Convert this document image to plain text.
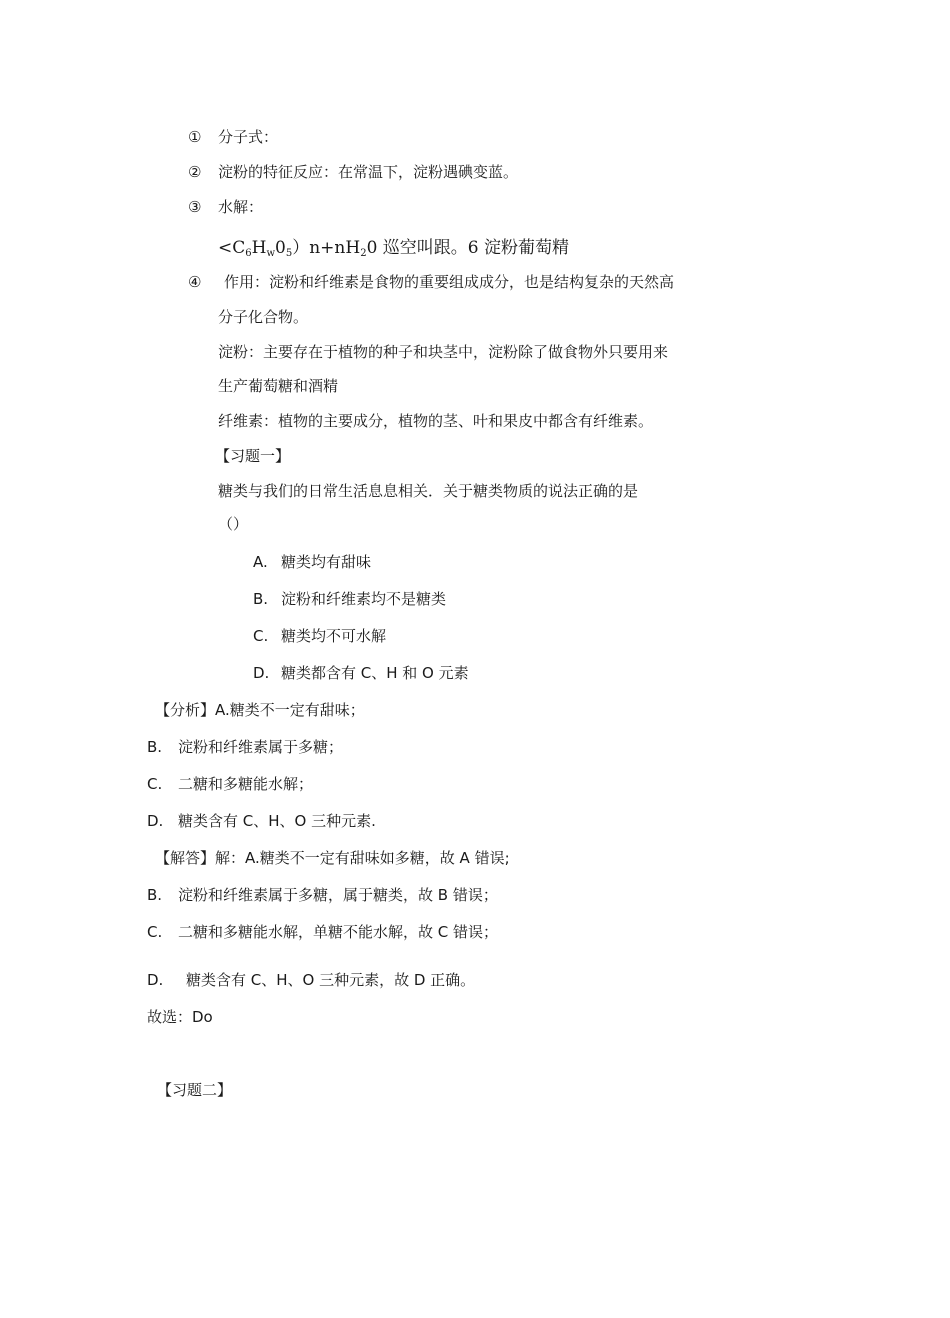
① 分子式：
② 淀粉的特征反应：在常温下，淀粉遇碘变蓝。
③ 水解：
$<C_6H_w0_5)n+nH_20$ 巡空叫跟。6 淀粉葡萄精
④ 作用：淀粉和纤维素是食物的重要组成成分，也是结构复杂的天然高
分子化合物。
淀粉：主要存在于植物的种子和块茎中，淀粉除了做食物外只要用来
生产葡萄糖和酒精
纤维素：植物的主要成分，植物的茎、叶和果皮中都含有纤维素。
【习题一】
糖类与我们的日常生活息息相关．关于糖类物质的说法正确的是
（）
A. 糖类均有甜味
B. 淀粉和纤维素均不是糖类
C. 糖类均不可水解
D. 糖类都含有 C、H 和 O 元素
【分析】A.糖类不一定有甜味；
B. 淀粉和纤维素属于多糖；
C. 二糖和多糖能水解；
D. 糖类含有 C、H、O 三种元素.
【解答】解：A.糖类不一定有甜味如多糖，故 A 错误;
B. 淀粉和纤维素属于多糖，属于糖类，故 B 错误；
C. 二糖和多糖能水解，单糖不能水解，故 C 错误；
D. 糖类含有 C、H、O 三种元素，故 D 正确。
故选：Do
【习题二】
